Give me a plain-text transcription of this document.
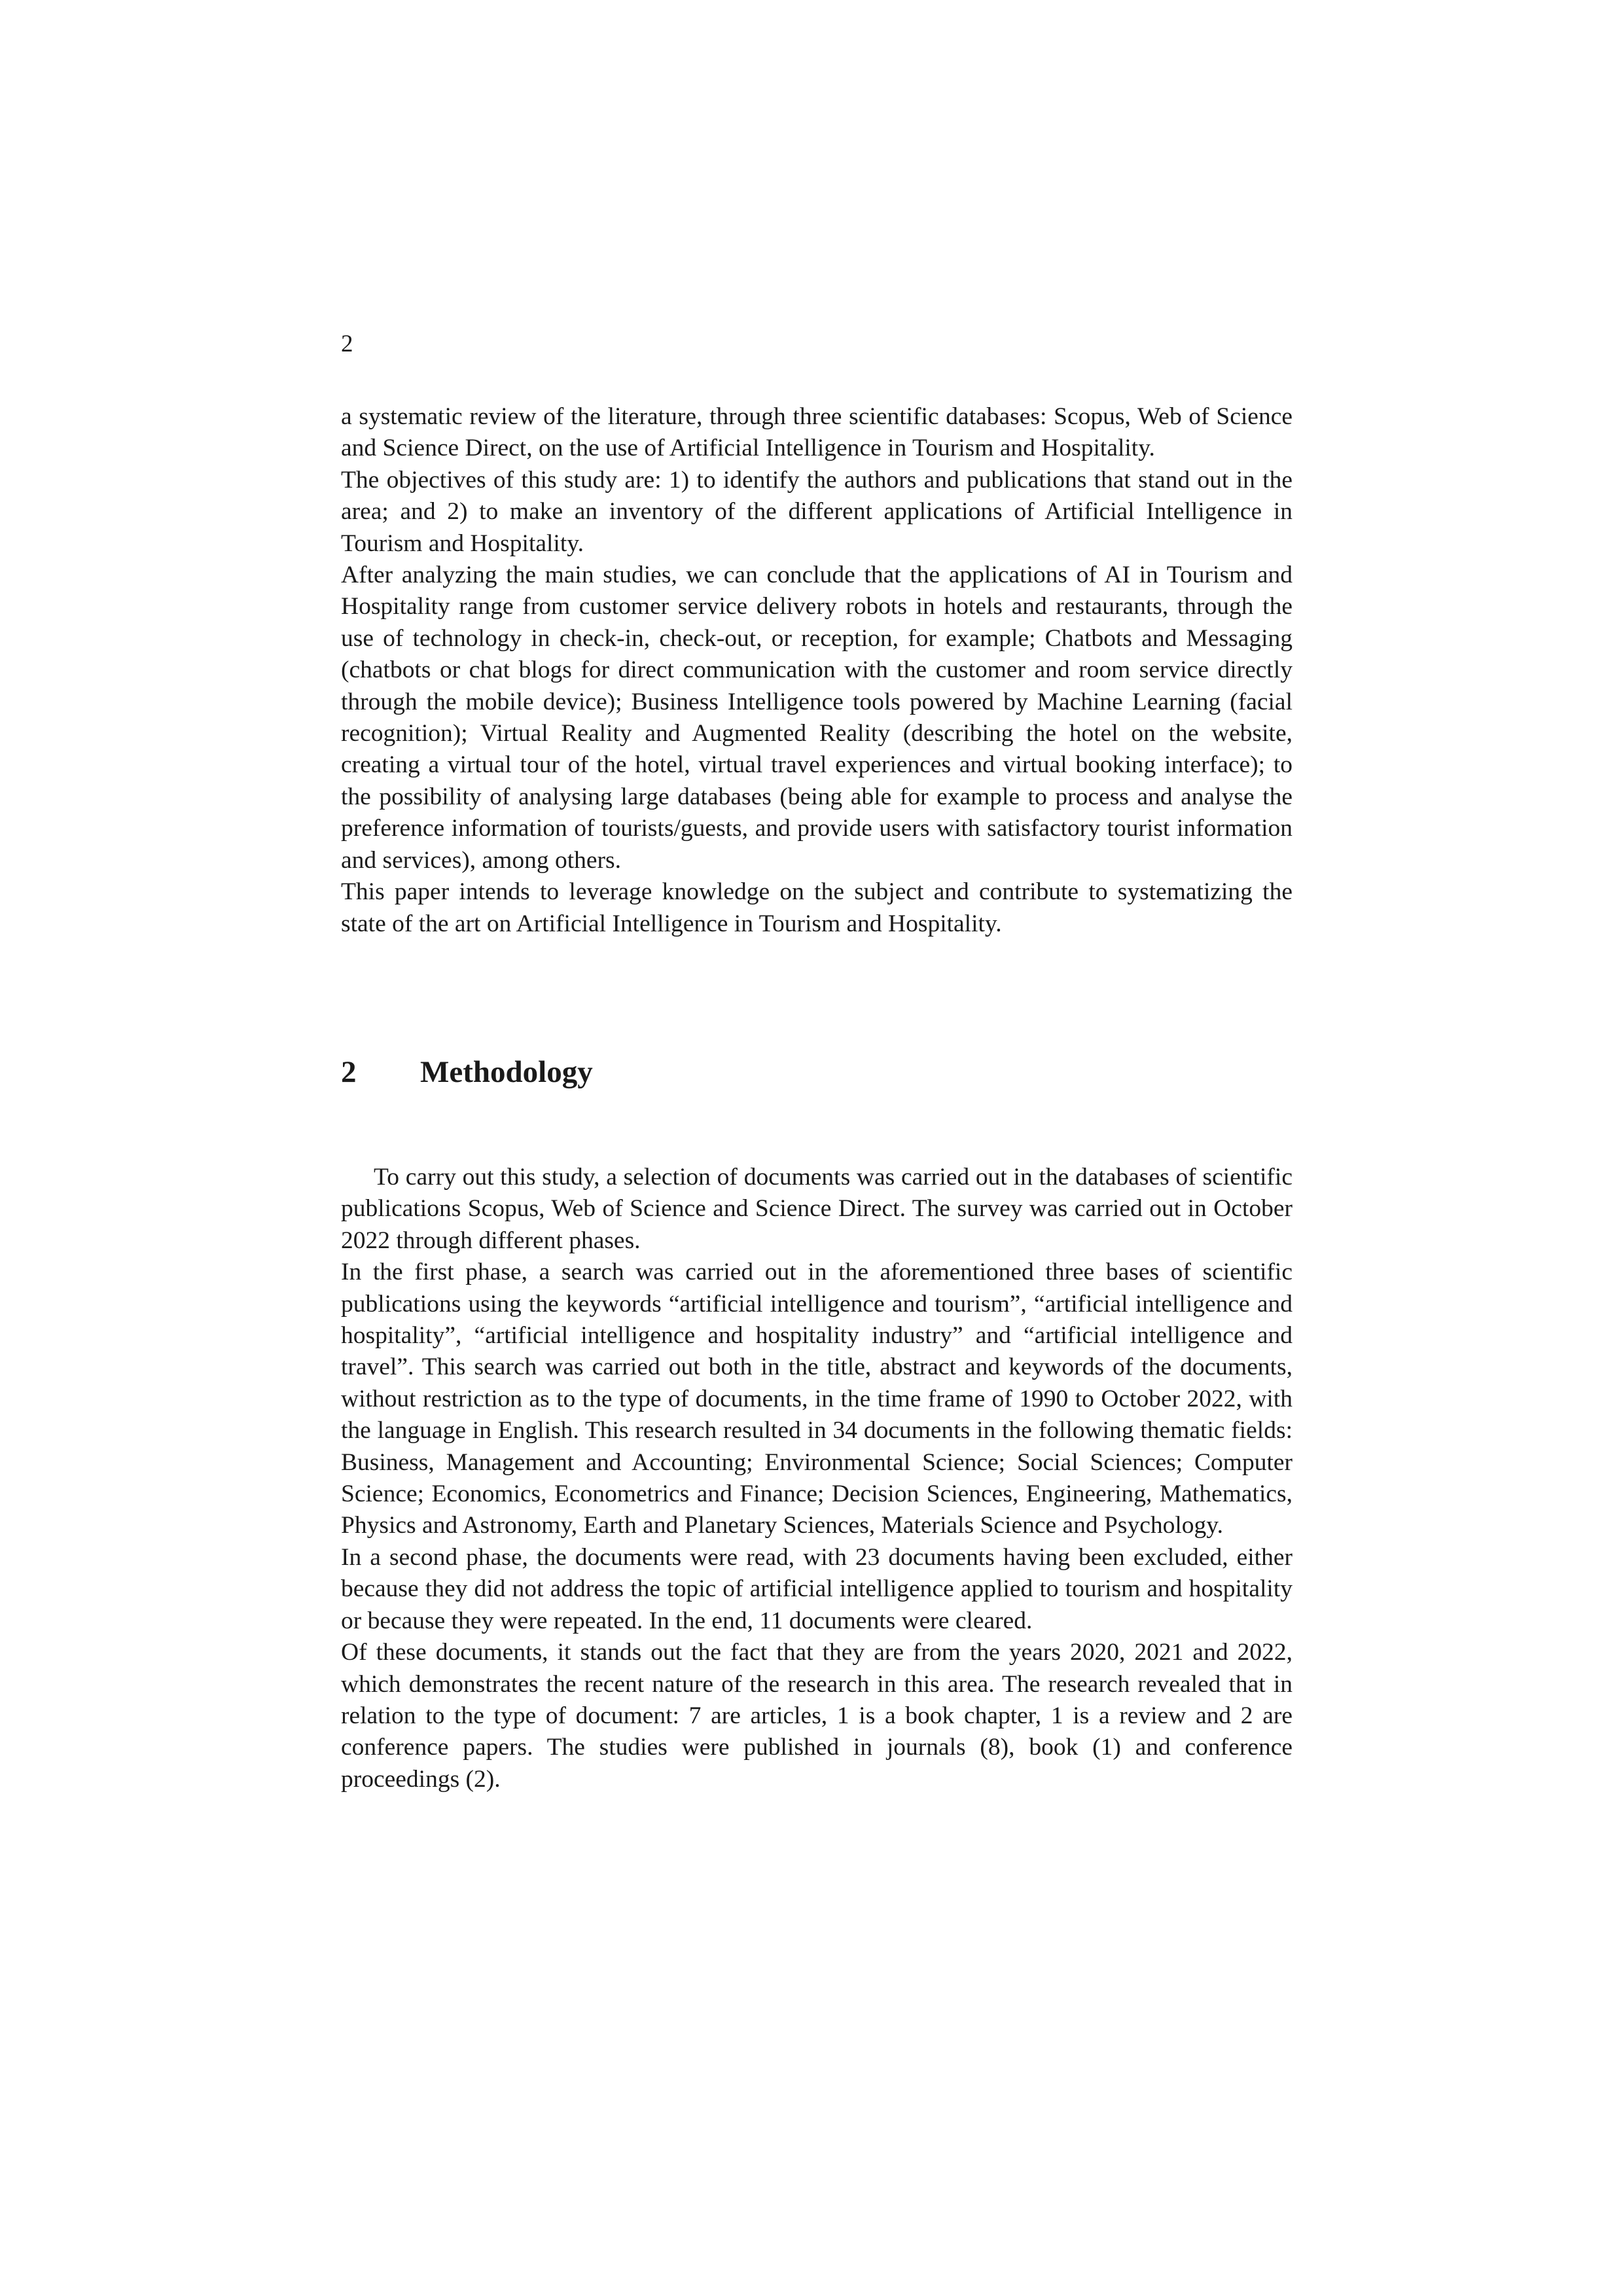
2

a systematic review of the literature, through three scientific databases: Scopus, Web of Science and Science Direct, on the use of Artificial Intelligence in Tourism and Hospitality.

The objectives of this study are: 1) to identify the authors and publications that stand out in the area; and 2) to make an inventory of the different applications of Artificial Intelligence in Tourism and Hospitality.

After analyzing the main studies, we can conclude that the applications of AI in Tourism and Hospitality range from customer service delivery robots in hotels and restaurants, through the use of technology in check-in, check-out, or reception, for example; Chatbots and Messaging (chatbots or chat blogs for direct communication with the customer and room service directly through the mobile device); Business Intelligence tools powered by Machine Learning (facial recognition); Virtual Reality and Augmented Reality (describing the hotel on the website, creating a virtual tour of the hotel, virtual travel experiences and virtual booking interface); to the possibility of analysing large databases (being able for example to process and analyse the preference information of tourists/guests, and provide users with satisfactory tourist information and services), among others.

This paper intends to leverage knowledge on the subject and contribute to systematizing the state of the art on Artificial Intelligence in Tourism and Hospitality.

2 Methodology

To carry out this study, a selection of documents was carried out in the databases of scientific publications Scopus, Web of Science and Science Direct. The survey was carried out in October 2022 through different phases.

In the first phase, a search was carried out in the aforementioned three bases of scientific publications using the keywords “artificial intelligence and tourism”, “artificial intelligence and hospitality”, “artificial intelligence and hospitality industry” and “artificial intelligence and travel”. This search was carried out both in the title, abstract and keywords of the documents, without restriction as to the type of documents, in the time frame of 1990 to October 2022, with the language in English. This research resulted in 34 documents in the following thematic fields: Business, Management and Accounting; Environmental Science; Social Sciences; Computer Science; Economics, Econometrics and Finance; Decision Sciences, Engineering, Mathematics, Physics and Astronomy, Earth and Planetary Sciences, Materials Science and Psychology.

In a second phase, the documents were read, with 23 documents having been excluded, either because they did not address the topic of artificial intelligence applied to tourism and hospitality or because they were repeated. In the end, 11 documents were cleared.

Of these documents, it stands out the fact that they are from the years 2020, 2021 and 2022, which demonstrates the recent nature of the research in this area. The research revealed that in relation to the type of document: 7 are articles, 1 is a book chapter, 1 is a review and 2 are conference papers. The studies were published in journals (8), book (1) and conference proceedings (2).
